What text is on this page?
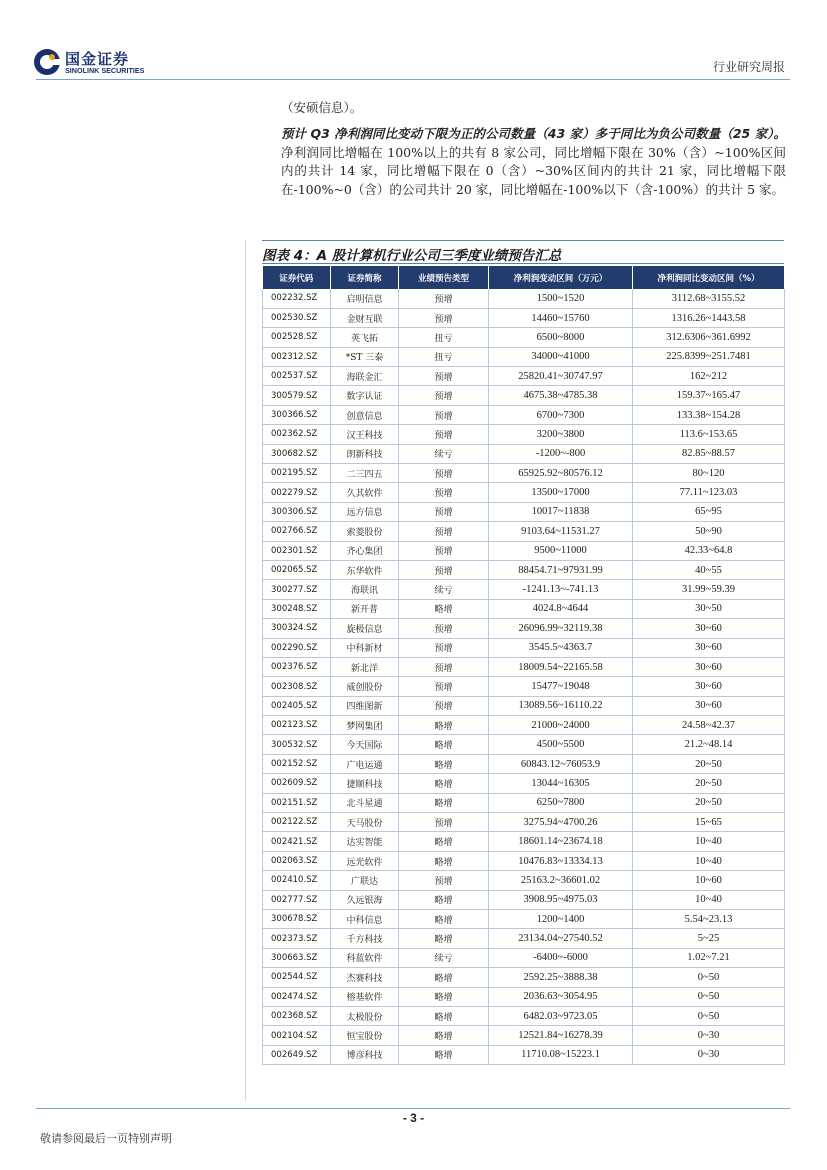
国金证券
SINOLINK SECURITIES	行业研究周报
（安硕信息）。
预计 Q3 净利润同比变动下限为正的公司数量（43 家）多于同比为负公司数量（25 家）。净利润同比增幅在 100%以上的共有 8 家公司，同比增幅下限在 30%（含）~100%区间内的共计 14 家，同比增幅下限在 0（含）~30%区间内的共计 21 家，同比增幅下限在-100%~0（含）的公司共计 20 家，同比增幅在-100%以下（含-100%）的共计 5 家。
图表 4：A 股计算机行业公司三季度业绩预告汇总
证券代码	证券简称	业绩预告类型	净利润变动区间（万元）	净利润同比变动区间（%）
002232.SZ	启明信息	预增	1500~1520	3112.68~3155.52
002530.SZ	金财互联	预增	14460~15760	1316.26~1443.58
002528.SZ	英飞拓	扭亏	6500~8000	312.6306~361.6992
002312.SZ	*ST 三泰	扭亏	34000~41000	225.8399~251.7481
002537.SZ	海联金汇	预增	25820.41~30747.97	162~212
300579.SZ	数字认证	预增	4675.38~4785.38	159.37~165.47
300366.SZ	创意信息	预增	6700~7300	133.38~154.28
002362.SZ	汉王科技	预增	3200~3800	113.6~153.65
300682.SZ	朗新科技	续亏	-1200~-800	82.85~88.57
002195.SZ	二三四五	预增	65925.92~80576.12	80~120
002279.SZ	久其软件	预增	13500~17000	77.11~123.03
300306.SZ	远方信息	预增	10017~11838	65~95
002766.SZ	索菱股份	预增	9103.64~11531.27	50~90
002301.SZ	齐心集团	预增	9500~11000	42.33~64.8
002065.SZ	东华软件	预增	88454.71~97931.99	40~55
300277.SZ	海联讯	续亏	-1241.13~-741.13	31.99~59.39
300248.SZ	新开普	略增	4024.8~4644	30~50
300324.SZ	旋极信息	预增	26096.99~32119.38	30~60
002290.SZ	中科新材	预增	3545.5~4363.7	30~60
002376.SZ	新北洋	预增	18009.54~22165.58	30~60
002308.SZ	威创股份	预增	15477~19048	30~60
002405.SZ	四维图新	预增	13089.56~16110.22	30~60
002123.SZ	梦网集团	略增	21000~24000	24.58~42.37
300532.SZ	今天国际	略增	4500~5500	21.2~48.14
002152.SZ	广电运通	略增	60843.12~76053.9	20~50
002609.SZ	捷顺科技	略增	13044~16305	20~50
002151.SZ	北斗星通	略增	6250~7800	20~50
002122.SZ	天马股份	预增	3275.94~4700.26	15~65
002421.SZ	达实智能	略增	18601.14~23674.18	10~40
002063.SZ	远光软件	略增	10476.83~13334.13	10~40
002410.SZ	广联达	预增	25163.2~36601.02	10~60
002777.SZ	久远银海	略增	3908.95~4975.03	10~40
300678.SZ	中科信息	略增	1200~1400	5.54~23.13
002373.SZ	千方科技	略增	23134.04~27540.52	5~25
300663.SZ	科蓝软件	续亏	-6400~-6000	1.02~7.21
002544.SZ	杰赛科技	略增	2592.25~3888.38	0~50
002474.SZ	榕基软件	略增	2036.63~3054.95	0~50
002368.SZ	太极股份	略增	6482.03~9723.05	0~50
002104.SZ	恒宝股份	略增	12521.84~16278.39	0~30
002649.SZ	博彦科技	略增	11710.08~15223.1	0~30
- 3 -
敬请参阅最后一页特别声明
